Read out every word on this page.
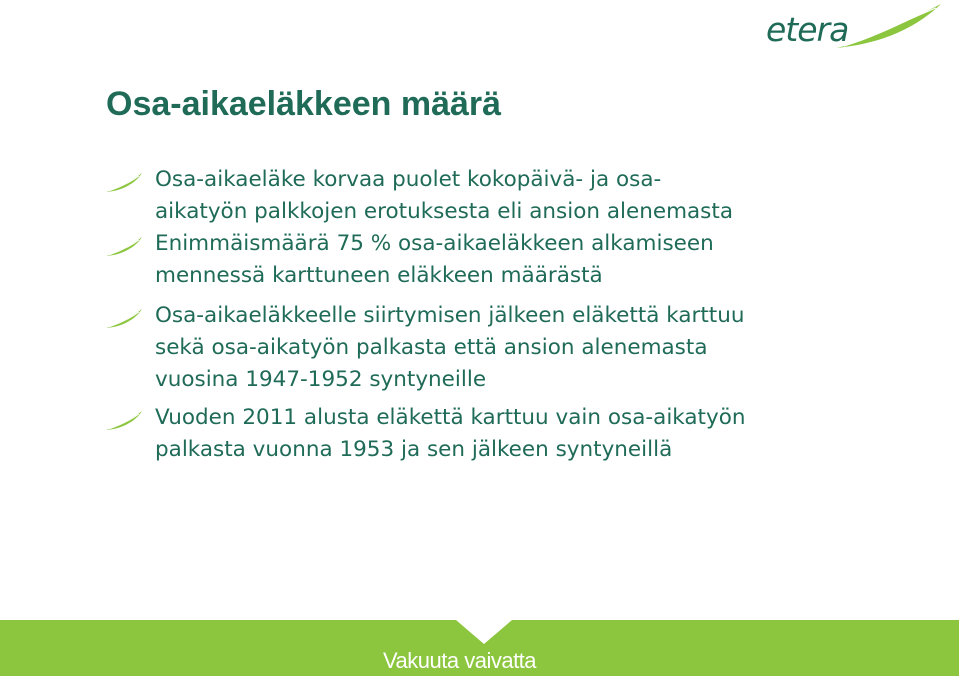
etera
Osa-aikaeläkkeen määrä
Osa-aikaeläke korvaa puolet kokopäivä- ja osa-
aikatyön palkkojen erotuksesta eli ansion alenemasta
Enimmäismäärä 75 % osa-aikaeläkkeen alkamiseen
mennessä karttuneen eläkkeen määrästä
Osa-aikaeläkkeelle siirtymisen jälkeen eläkettä karttuu
sekä osa-aikatyön palkasta että ansion alenemasta
vuosina 1947-1952 syntyneille
Vuoden 2011 alusta eläkettä karttuu vain osa-aikatyön
palkasta vuonna 1953 ja sen jälkeen syntyneillä
Vakuuta vaivatta
